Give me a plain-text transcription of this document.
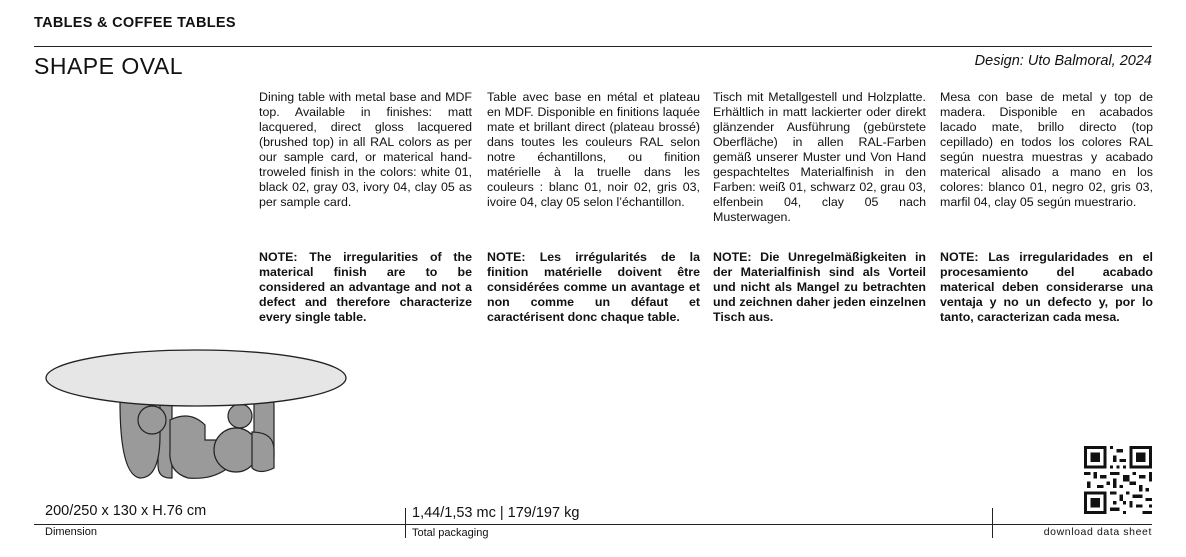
TABLES & COFFEE TABLES
SHAPE OVAL	Design: Uto Balmoral, 2024
Dining table with metal base and MDF top. Available in finishes: matt lacquered, direct gloss lacquered (brushed top) in all RAL colors as per our sample card, or materical hand-troweled finish in the colors: white 01, black 02, gray 03, ivory 04, clay 05 as per sample card.
NOTE: The irregularities of the materical finish are to be considered an advantage and not a defect and therefore characterize every single table.
Table avec base en métal et plateau en MDF. Disponible en finitions laquée mate et brillant direct (plateau brossé) dans toutes les couleurs RAL selon notre échantillons, ou finition matérielle à la truelle dans les couleurs : blanc 01, noir 02, gris 03, ivoire 04, clay 05 selon l’échantillon.
NOTE: Les irrégularités de la finition matérielle doivent être considérées comme un avantage et non comme un défaut et caractérisent donc chaque table.
Tisch mit Metallgestell und Holzplatte. Erhältlich in matt lackierter oder direkt glänzender Ausführung (gebürstete Oberfläche) in allen RAL-Farben gemäß unserer Muster und Von Hand gespachteltes Materialfinish in den Farben: weiß 01, schwarz 02, grau 03, elfenbein 04, clay 05 nach Musterwagen.
NOTE: Die Unregelmäßigkeiten in der Materialfinish sind als Vorteil und nicht als Mangel zu betrachten und zeichnen daher jeden einzelnen Tisch aus.
Mesa con base de metal y top de madera. Disponible en acabados lacado mate, brillo directo (top cepillado) en todos los colores RAL según nuestra muestras y acabado materical alisado a mano en los colores: blanco 01, negro 02, gris 03, marfil 04, clay 05 según muestrario.
NOTE: Las irregularidades en el procesamiento del acabado materical deben considerarse una ventaja y no un defecto y, por lo tanto, caracterizan cada mesa.
200/250 x 130 x H.76 cm	1,44/1,53 mc | 179/197 kg
Dimension	Total packaging	download data sheet
